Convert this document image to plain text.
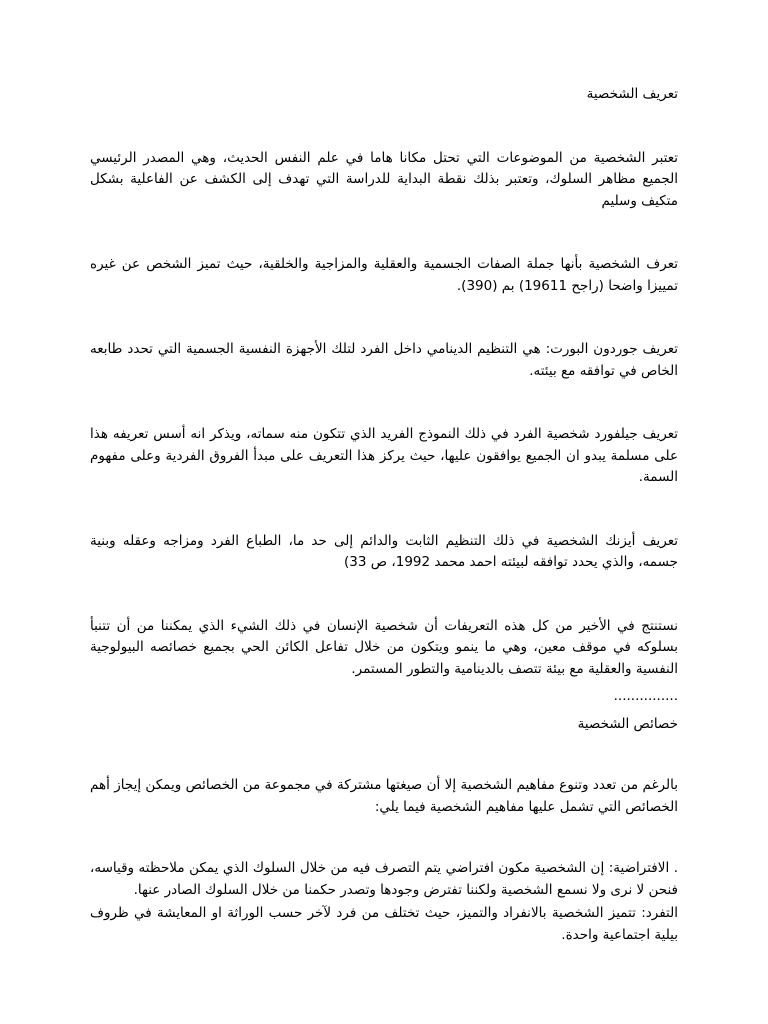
تعريف الشخصية

تعتبر الشخصية من الموضوعات التي تحتل مكانا هاما في علم النفس الحديث، وهي المصدر الرئيسي الجميع مظاهر السلوك، وتعتبر بذلك نقطة البداية للدراسة التي تهدف إلى الكشف عن الفاعلية بشكل متكيف وسليم

تعرف الشخصية بأنها جملة الصفات الجسمية والعقلية والمزاجية والخلقية، حيث تميز الشخص عن غيره تمييزا واضحا (راجح 19611) بم (390).

تعريف جوردون البورت: هي التنظيم الدينامي داخل الفرد لتلك الأجهزة النفسية الجسمية التي تحدد طابعه الخاص في توافقه مع بيئته.

تعريف جيلفورد شخصية الفرد في ذلك النموذج الفريد الذي تتكون منه سماته، ويذكر انه أسس تعريفه هذا على مسلمة يبدو ان الجميع يوافقون عليها، حيث يركز هذا التعريف على مبدأ الفروق الفردية وعلى مفهوم السمة.

تعريف أيزنك الشخصية في ذلك التنظيم الثابت والدائم إلى حد ما، الطباع الفرد ومزاجه وعقله وبنية جسمه، والذي يحدد توافقه لبيئته احمد محمد 1992، ص 33)

نستنتج في الأخير من كل هذه التعريفات أن شخصية الإنسان في ذلك الشيء الذي يمكننا من أن تتنبأ بسلوكه في موقف معين، وهي ما ينمو ويتكون من خلال تفاعل الكائن الحي بجميع خصائصه البيولوجية النفسية والعقلية مع بيئة تتصف بالدينامية والتطور المستمر.

...............

خصائص الشخصية

بالرغم من تعدد وتنوع مفاهيم الشخصية إلا أن صيغتها مشتركة في مجموعة من الخصائص ويمكن إيجاز أهم الخصائص التي تشمل عليها مفاهيم الشخصية فيما يلي:

. الافتراضية: إن الشخصية مكون افتراضي يتم التصرف فيه من خلال السلوك الذي يمكن ملاحظته وقياسه، فنحن لا نرى ولا نسمع الشخصية ولكننا تفترض وجودها وتصدر حكمنا من خلال السلوك الصادر عنها.

التفرد: تتميز الشخصية بالانفراد والتميز، حيث تختلف من فرد لآخر حسب الوراثة او المعايشة في ظروف بيلية اجتماعية واحدة.
